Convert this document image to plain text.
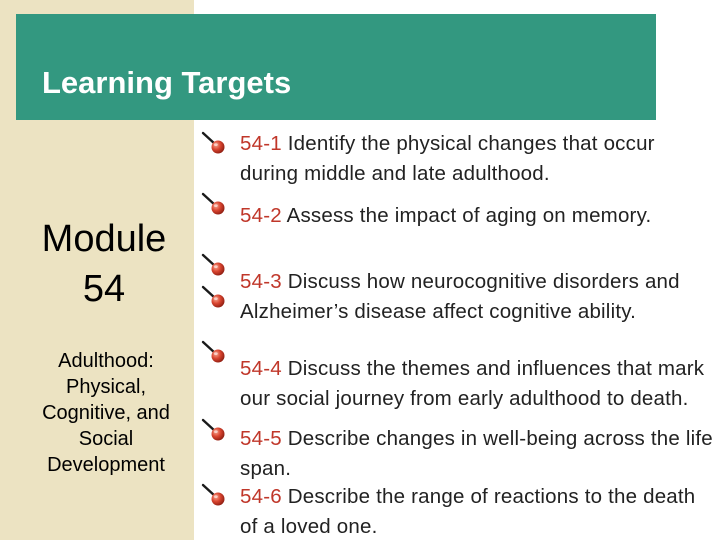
Learning Targets
Module
54
Adulthood:
Physical,
Cognitive, and
Social
Development
54-1 Identify the physical changes that occur during middle and late adulthood.
54-2 Assess the impact of aging on memory.
54-3 Discuss how neurocognitive disorders and Alzheimer’s disease affect cognitive ability.
54-4 Discuss the themes and influences that mark our social journey from early adulthood to death.
54-5 Describe changes in well-being across the life span.
54-6 Describe the range of reactions to the death of a loved one.
